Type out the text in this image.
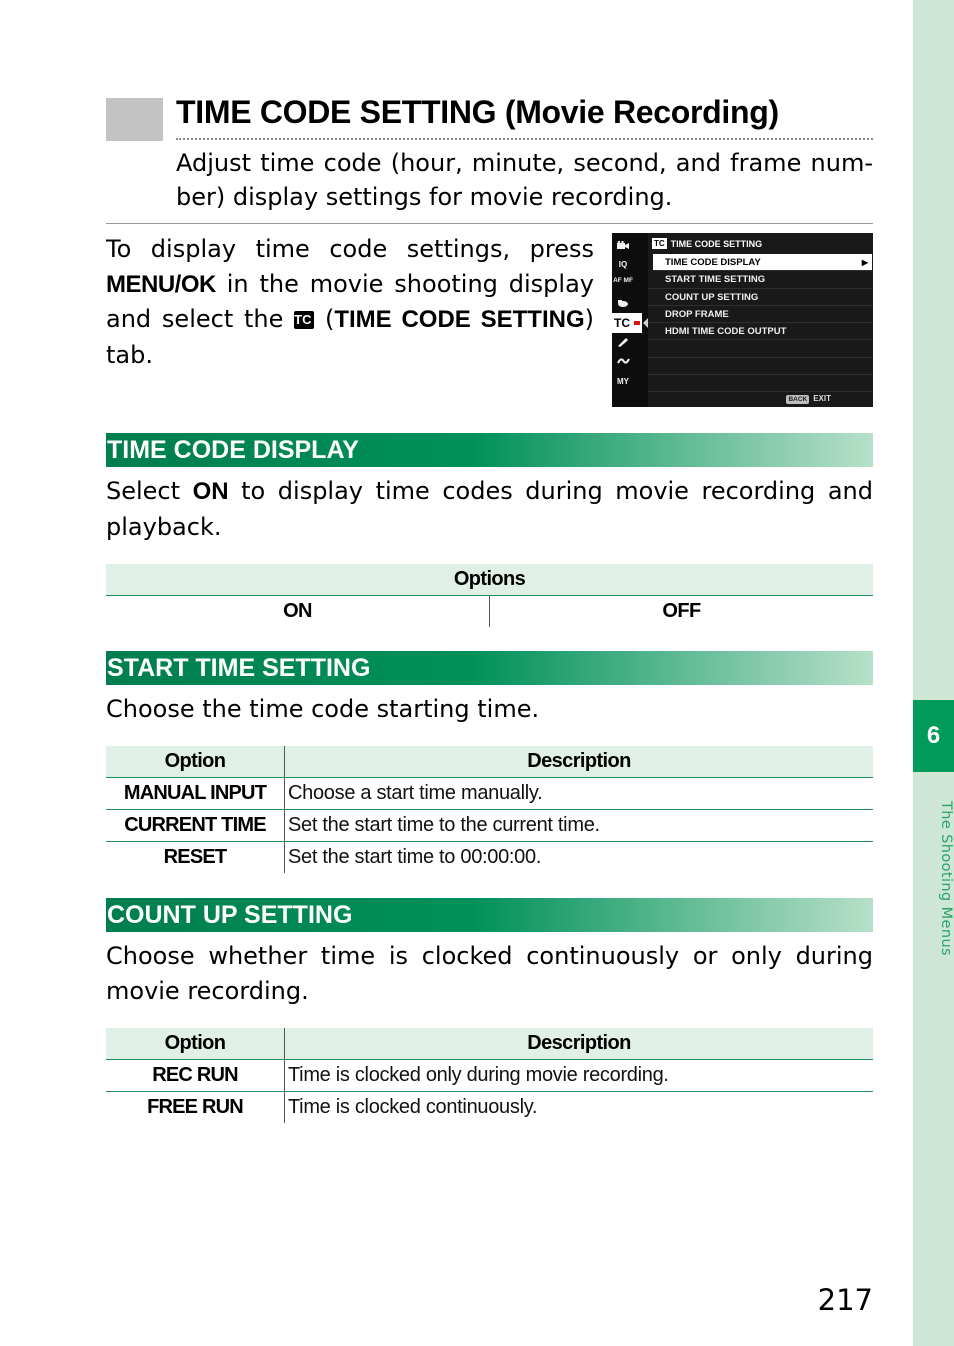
6
The Shooting Menus
TIME CODE SETTING (Movie Recording)
Adjust time code (hour, minute, second, and frame num-ber) display settings for movie recording.
To display time code settings, press MENU/OK in the movie shooting display and select the TC (TIME CODE SETTING) tab.
IQ
AF MF
TC
MY
TC TIME CODE SETTING
TIME CODE DISPLAY	▶
START TIME SETTING
COUNT UP SETTING
DROP FRAME
HDMI TIME CODE OUTPUT
BACK EXIT
TIME CODE DISPLAY
Select ON to display time codes during movie recording and playback.
Options
ON	OFF
START TIME SETTING
Choose the time code starting time.
Option	Description
MANUAL INPUT	Choose a start time manually.
CURRENT TIME	Set the start time to the current time.
RESET	Set the start time to 00:00:00.
COUNT UP SETTING
Choose whether time is clocked continuously or only during movie recording.
Option	Description
REC RUN	Time is clocked only during movie recording.
FREE RUN	Time is clocked continuously.
217
